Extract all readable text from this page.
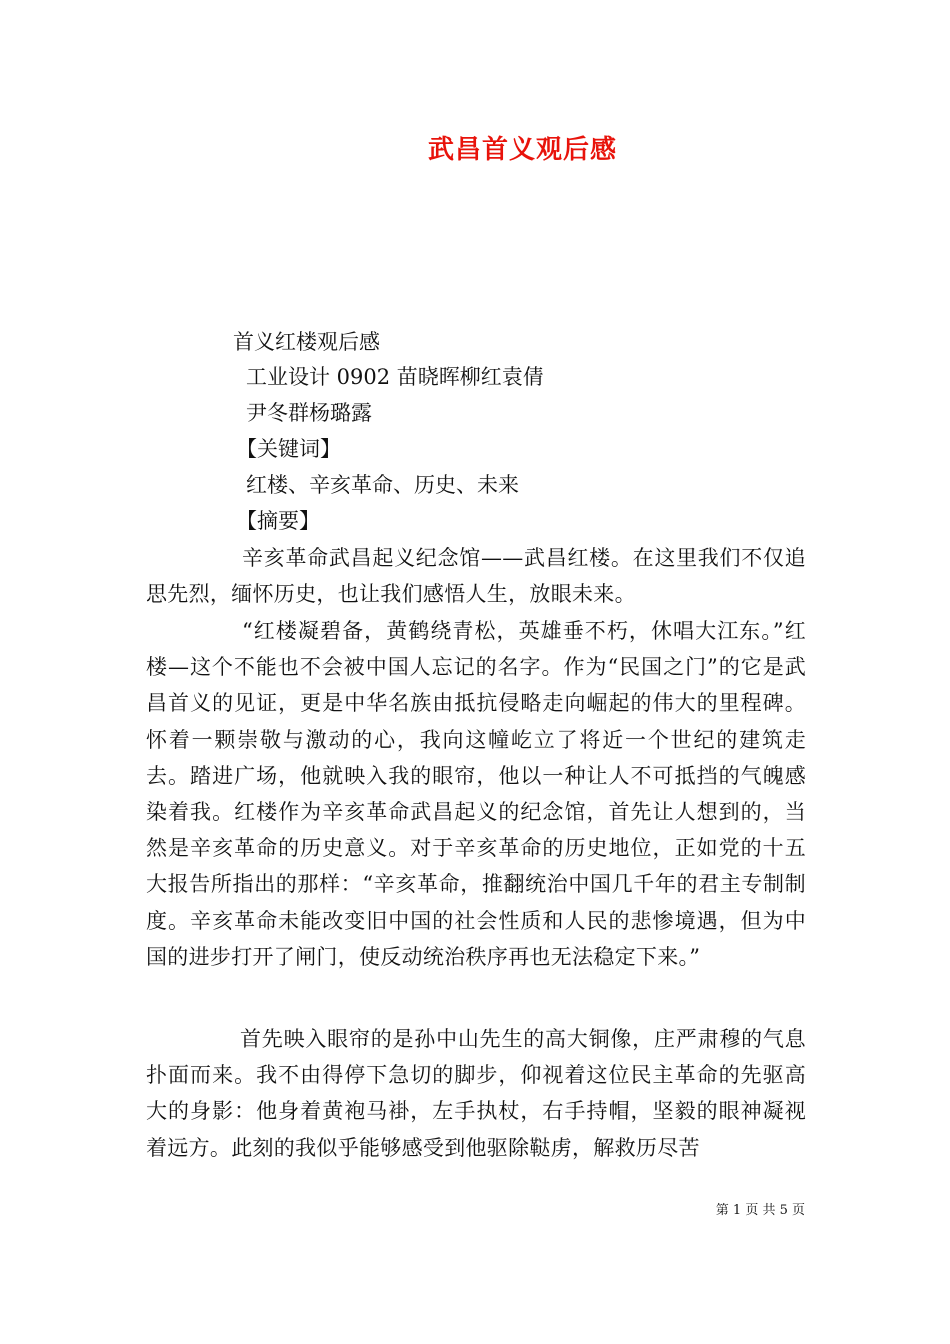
武昌首义观后感
首义红楼观后感
工业设计 0902 苗晓晖柳红袁倩
尹冬群杨璐露
【关键词】
红楼、辛亥革命、历史、未来
【摘要】

辛亥革命武昌起义纪念馆——武昌红楼。在这里我们不仅追思先烈，缅怀历史，也让我们感悟人生，放眼未来。

“红楼凝碧备，黄鹤绕青松，英雄垂不朽，休唱大江东。”红楼—这个不能也不会被中国人忘记的名字。作为“民国之门”的它是武昌首义的见证，更是中华名族由抵抗侵略走向崛起的伟大的里程碑。怀着一颗崇敬与激动的心，我向这幢屹立了将近一个世纪的建筑走去。踏进广场，他就映入我的眼帘，他以一种让人不可抵挡的气魄感染着我。红楼作为辛亥革命武昌起义的纪念馆，首先让人想到的，当然是辛亥革命的历史意义。对于辛亥革命的历史地位，正如党的十五大报告所指出的那样：“辛亥革命，推翻统治中国几千年的君主专制制度。辛亥革命未能改变旧中国的社会性质和人民的悲惨境遇，但为中国的进步打开了闸门，使反动统治秩序再也无法稳定下来。”

首先映入眼帘的是孙中山先生的高大铜像，庄严肃穆的气息扑面而来。我不由得停下急切的脚步，仰视着这位民主革命的先驱高大的身影：他身着黄袍马褂，左手执杖，右手持帽，坚毅的眼神凝视着远方。此刻的我似乎能够感受到他驱除鞑虏，解救历尽苦

第 1 页 共 5 页
